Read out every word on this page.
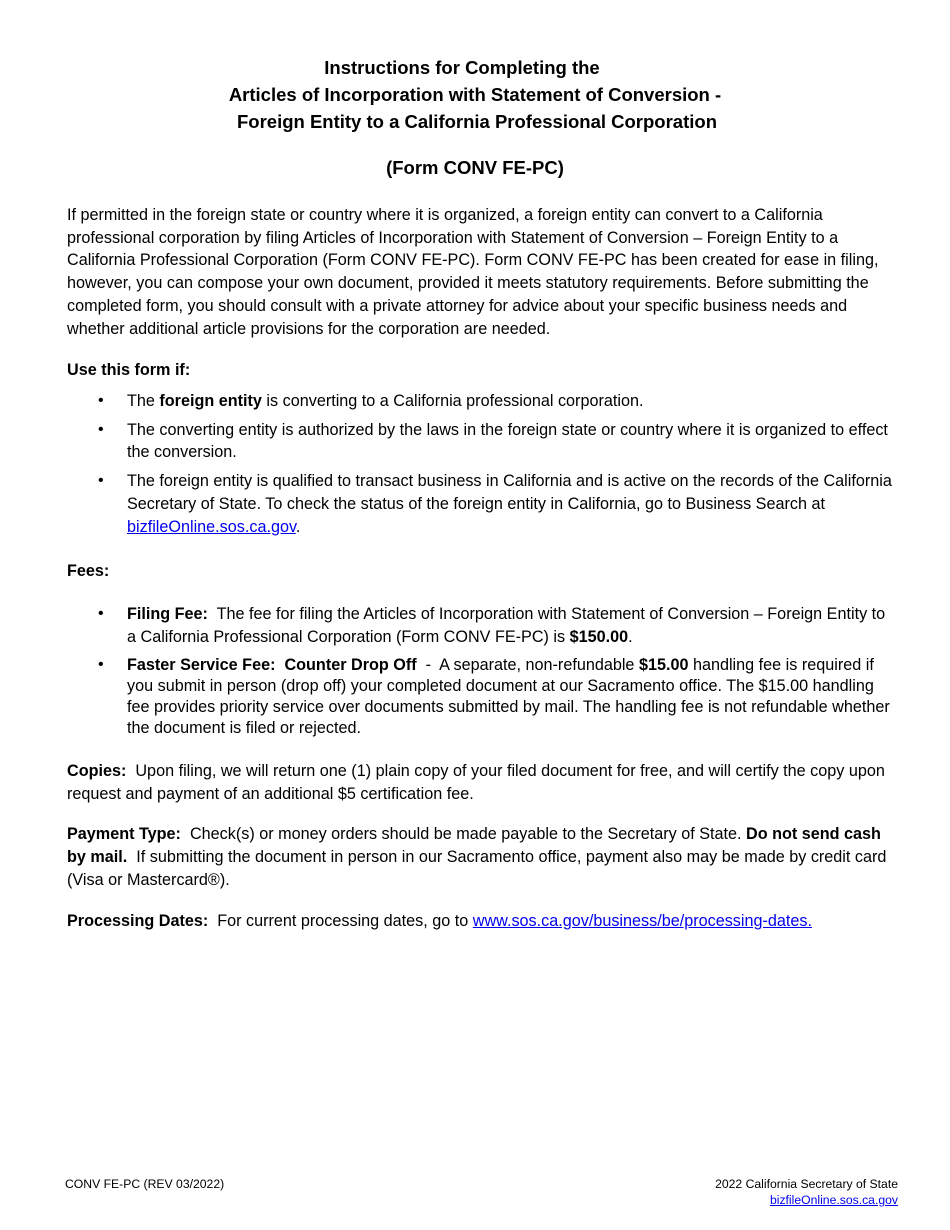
Instructions for Completing the
Articles of Incorporation with Statement of Conversion -
Foreign Entity to a California Professional Corporation
(Form CONV FE-PC)

If permitted in the foreign state or country where it is organized, a foreign entity can convert to a California professional corporation by filing Articles of Incorporation with Statement of Conversion – Foreign Entity to a California Professional Corporation (Form CONV FE-PC). Form CONV FE-PC has been created for ease in filing, however, you can compose your own document, provided it meets statutory requirements. Before submitting the completed form, you should consult with a private attorney for advice about your specific business needs and whether additional article provisions for the corporation are needed.

Use this form if:

• The foreign entity is converting to a California professional corporation.
• The converting entity is authorized by the laws in the foreign state or country where it is organized to effect the conversion.
• The foreign entity is qualified to transact business in California and is active on the records of the California Secretary of State. To check the status of the foreign entity in California, go to Business Search at bizfileOnline.sos.ca.gov.

Fees:

• Filing Fee:  The fee for filing the Articles of Incorporation with Statement of Conversion – Foreign Entity to a California Professional Corporation (Form CONV FE-PC) is $150.00.
• Faster Service Fee:  Counter Drop Off  -  A separate, non-refundable $15.00 handling fee is required if you submit in person (drop off) your completed document at our Sacramento office. The $15.00 handling fee provides priority service over documents submitted by mail. The handling fee is not refundable whether the document is filed or rejected.

Copies:  Upon filing, we will return one (1) plain copy of your filed document for free, and will certify the copy upon request and payment of an additional $5 certification fee.

Payment Type:  Check(s) or money orders should be made payable to the Secretary of State. Do not send cash by mail.  If submitting the document in person in our Sacramento office, payment also may be made by credit card (Visa or Mastercard®).

Processing Dates:  For current processing dates, go to www.sos.ca.gov/business/be/processing-dates.

CONV FE-PC (REV 03/2022)	2022 California Secretary of State
bizfileOnline.sos.ca.gov
